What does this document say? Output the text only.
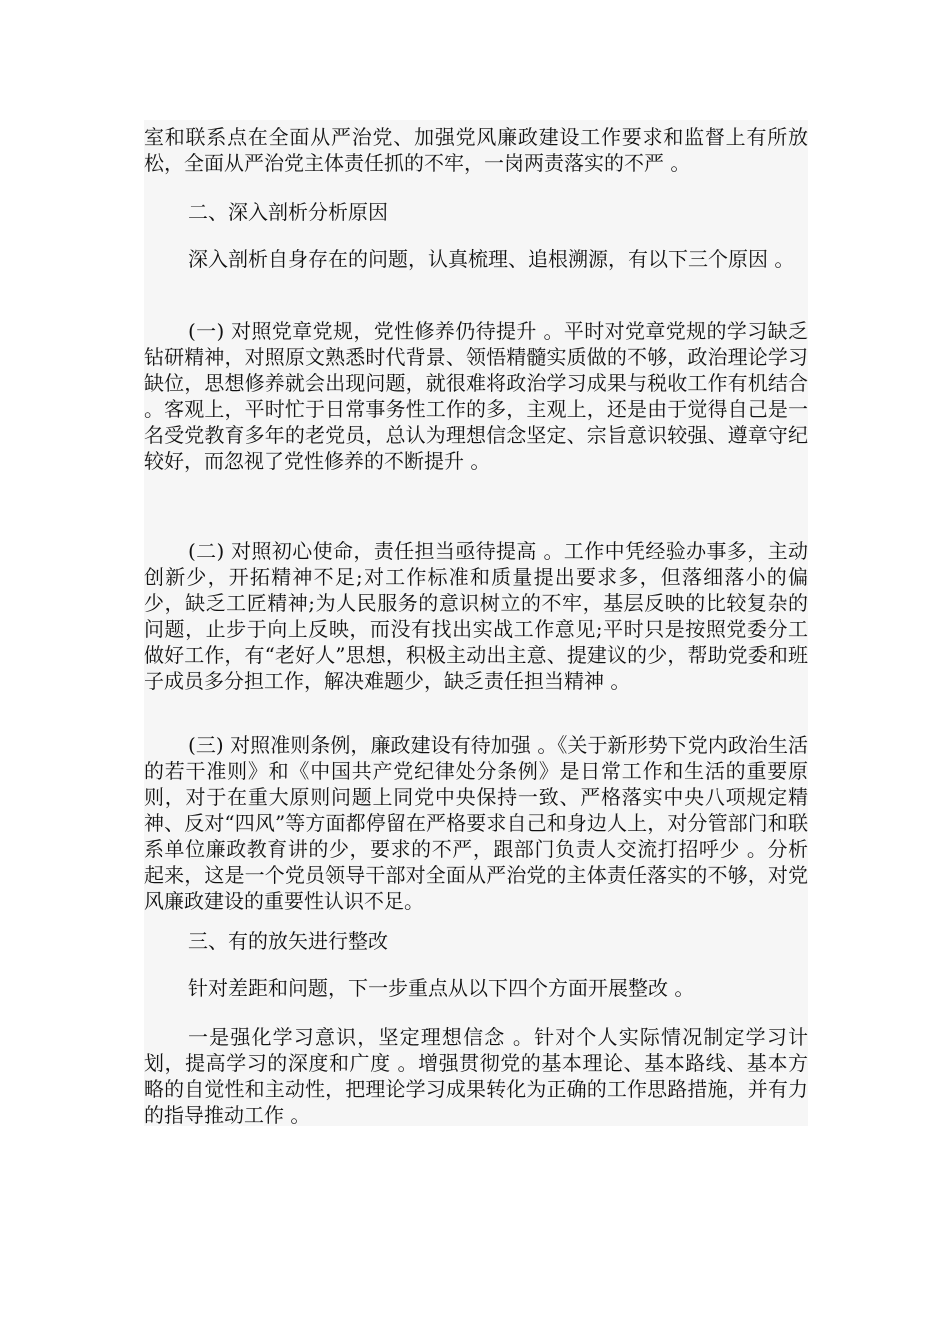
室和联系点在全面从严治党、加强党风廉政建设工作要求和监督上有所放松，全面从严治党主体责任抓的不牢，一岗两责落实的不严 。

二、深入剖析分析原因

深入剖析自身存在的问题，认真梳理、追根溯源，有以下三个原因 。

(一) 对照党章党规，党性修养仍待提升 。平时对党章党规的学习缺乏钻研精神，对照原文熟悉时代背景、领悟精髓实质做的不够，政治理论学习缺位，思想修养就会出现问题，就很难将政治学习成果与税收工作有机结合 。客观上，平时忙于日常事务性工作的多，主观上，还是由于觉得自己是一名受党教育多年的老党员，总认为理想信念坚定、宗旨意识较强、遵章守纪较好，而忽视了党性修养的不断提升 。

(二) 对照初心使命，责任担当亟待提高 。工作中凭经验办事多，主动创新少，开拓精神不足;对工作标准和质量提出要求多，但落细落小的偏少，缺乏工匠精神;为人民服务的意识树立的不牢，基层反映的比较复杂的问题，止步于向上反映，而没有找出实战工作意见;平时只是按照党委分工做好工作，有“老好人”思想，积极主动出主意、提建议的少，帮助党委和班子成员多分担工作，解决难题少，缺乏责任担当精神 。

(三) 对照准则条例，廉政建设有待加强 。《关于新形势下党内政治生活的若干准则》和《中国共产党纪律处分条例》是日常工作和生活的重要原则，对于在重大原则问题上同党中央保持一致、严格落实中央八项规定精神、反对“四风”等方面都停留在严格要求自己和身边人上，对分管部门和联系单位廉政教育讲的少，要求的不严，跟部门负责人交流打招呼少 。分析起来，这是一个党员领导干部对全面从严治党的主体责任落实的不够，对党风廉政建设的重要性认识不足。

三、有的放矢进行整改

针对差距和问题，下一步重点从以下四个方面开展整改 。

一是强化学习意识，坚定理想信念 。针对个人实际情况制定学习计划，提高学习的深度和广度 。增强贯彻党的基本理论、基本路线、基本方略的自觉性和主动性，把理论学习成果转化为正确的工作思路措施，并有力的指导推动工作 。
